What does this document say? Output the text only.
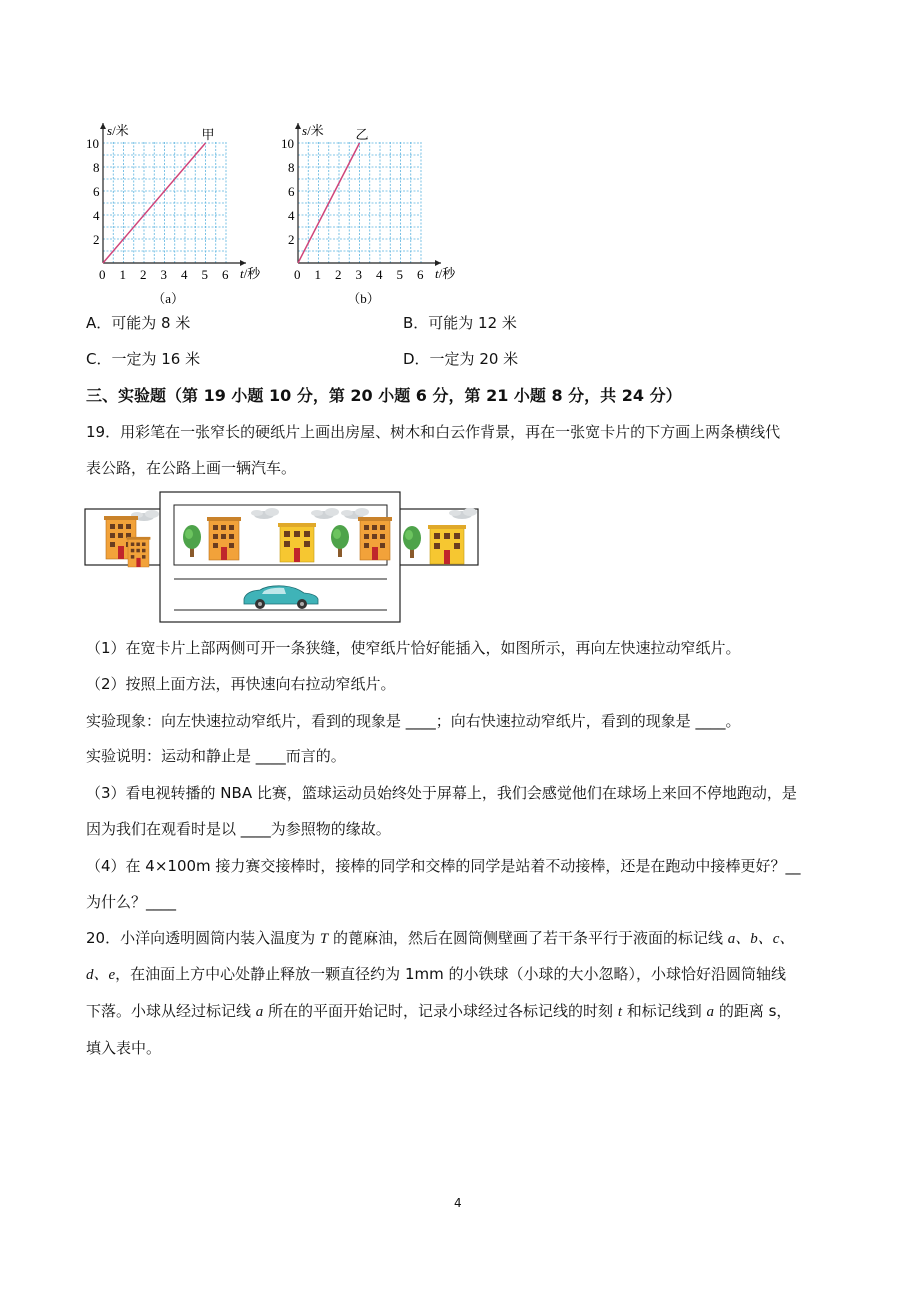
0 1 2 3 4 5 6
2
4
6
8
10
s/米
t/秒
甲
（a）
0 1 2 3 4 5 6
2
4
6
8
10
s/米
t/秒
乙
（b）
A．可能为 8 米	B．可能为 12 米
C．一定为 16 米	D．一定为 20 米
三、实验题（第 19 小题 10 分，第 20 小题 6 分，第 21 小题 8 分，共 24 分）
19．用彩笔在一张窄长的硬纸片上画出房屋、树木和白云作背景，再在一张宽卡片的下方画上两条横线代
表公路，在公路上画一辆汽车。
（1）在宽卡片上部两侧可开一条狭缝，使窄纸片恰好能插入，如图所示，再向左快速拉动窄纸片。
（2）按照上面方法，再快速向右拉动窄纸片。
实验现象：向左快速拉动窄纸片，看到的现象是 ____；向右快速拉动窄纸片，看到的现象是 ____。
实验说明：运动和静止是 ____而言的。
（3）看电视转播的 NBA 比赛，篮球运动员始终处于屏幕上，我们会感觉他们在球场上来回不停地跑动，是
因为我们在观看时是以 ____为参照物的缘故。
（4）在 4×100m 接力赛交接棒时，接棒的同学和交棒的同学是站着不动接棒，还是在跑动中接棒更好？__
为什么？____
20．小洋向透明圆筒内装入温度为 T 的蓖麻油，然后在圆筒侧壁画了若干条平行于液面的标记线 a、b、c、
d、e，在油面上方中心处静止释放一颗直径约为 1mm 的小铁球（小球的大小忽略），小球恰好沿圆筒轴线
下落。小球从经过标记线 a 所在的平面开始记时，记录小球经过各标记线的时刻 t 和标记线到 a 的距离 s，
填入表中。
4
